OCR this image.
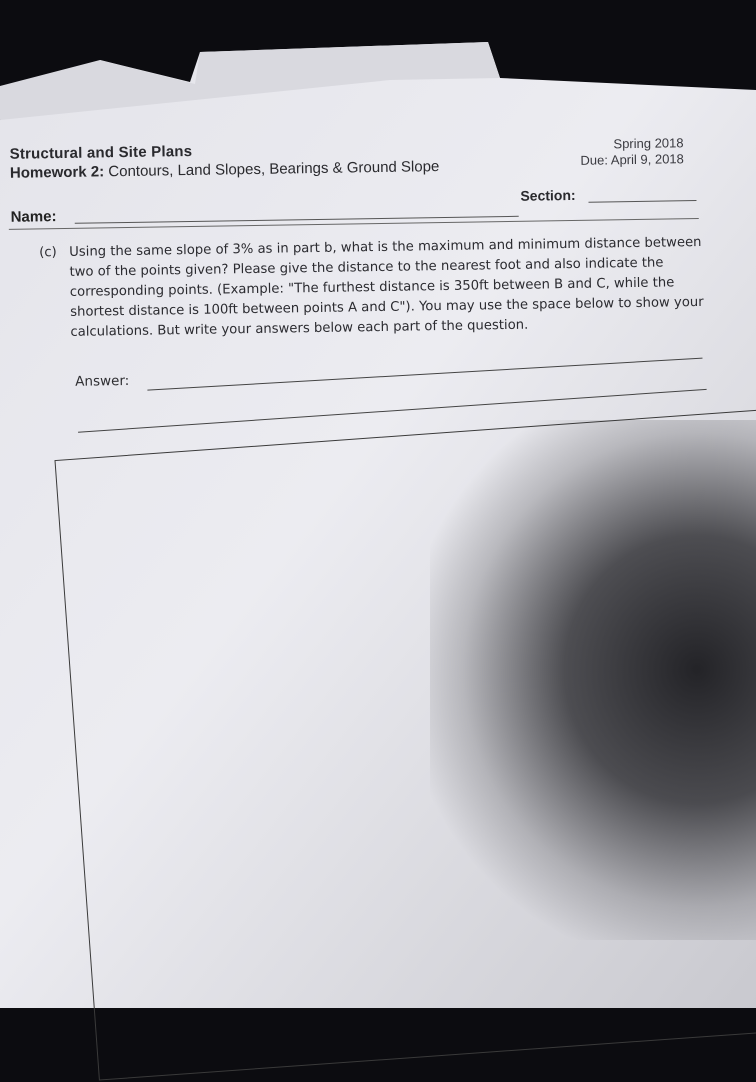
Structural and Site Plans
Homework 2: Contours, Land Slopes, Bearings & Ground Slope
Spring 2018
Due: April 9, 2018
Section:
Name:
(c) Using the same slope of 3% as in part b, what is the maximum and minimum distance between two of the points given? Please give the distance to the nearest foot and also indicate the corresponding points. (Example: "The furthest distance is 350ft between B and C, while the shortest distance is 100ft between points A and C"). You may use the space below to show your calculations. But write your answers below each part of the question.
Answer:
